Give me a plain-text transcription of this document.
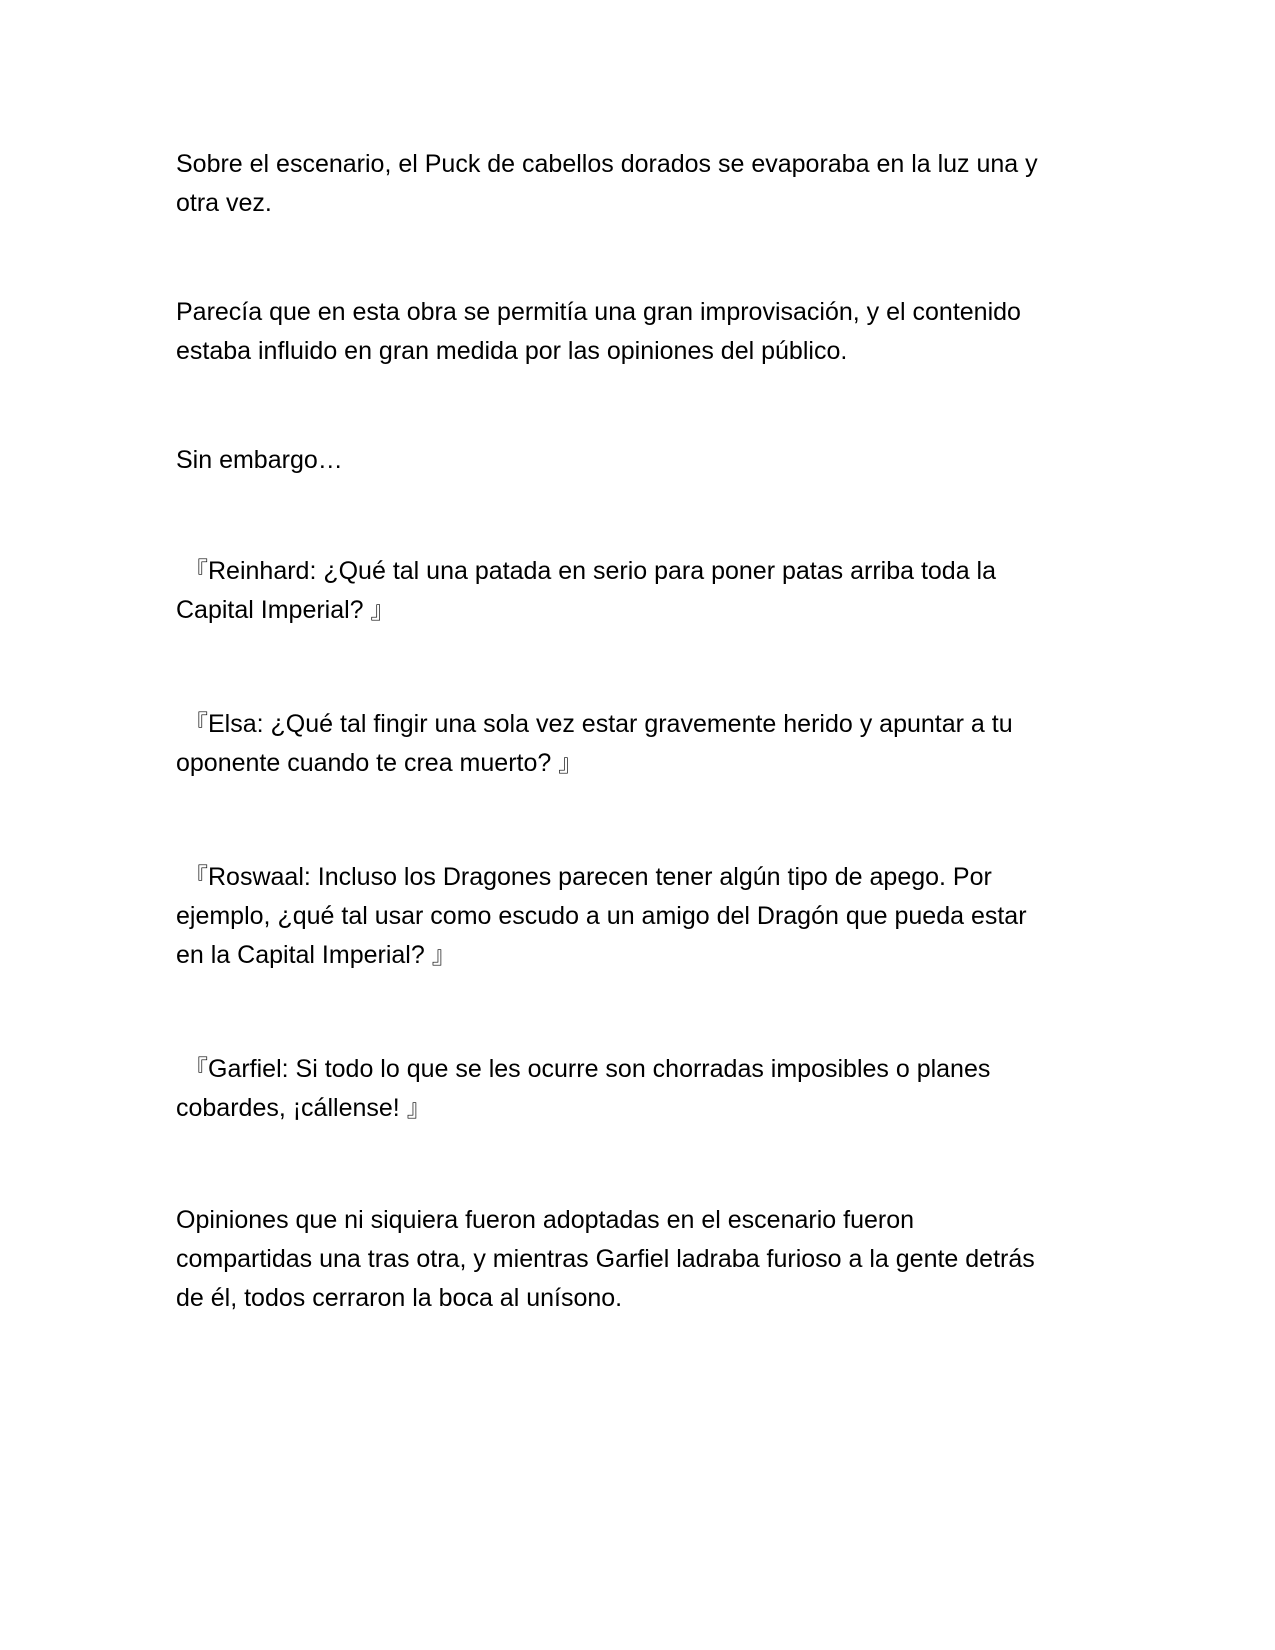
Sobre el escenario, el Puck de cabellos dorados se evaporaba en la luz una y
otra vez.

Parecía que en esta obra se permitía una gran improvisación, y el contenido
estaba influido en gran medida por las opiniones del público.

Sin embargo…

『Reinhard: ¿Qué tal una patada en serio para poner patas arriba toda la
Capital Imperial? 』

『Elsa: ¿Qué tal fingir una sola vez estar gravemente herido y apuntar a tu
oponente cuando te crea muerto? 』

『Roswaal: Incluso los Dragones parecen tener algún tipo de apego. Por
ejemplo, ¿qué tal usar como escudo a un amigo del Dragón que pueda estar
en la Capital Imperial? 』

『Garfiel: Si todo lo que se les ocurre son chorradas imposibles o planes
cobardes, ¡cállense! 』

Opiniones que ni siquiera fueron adoptadas en el escenario fueron
compartidas una tras otra, y mientras Garfiel ladraba furioso a la gente detrás
de él, todos cerraron la boca al unísono.
